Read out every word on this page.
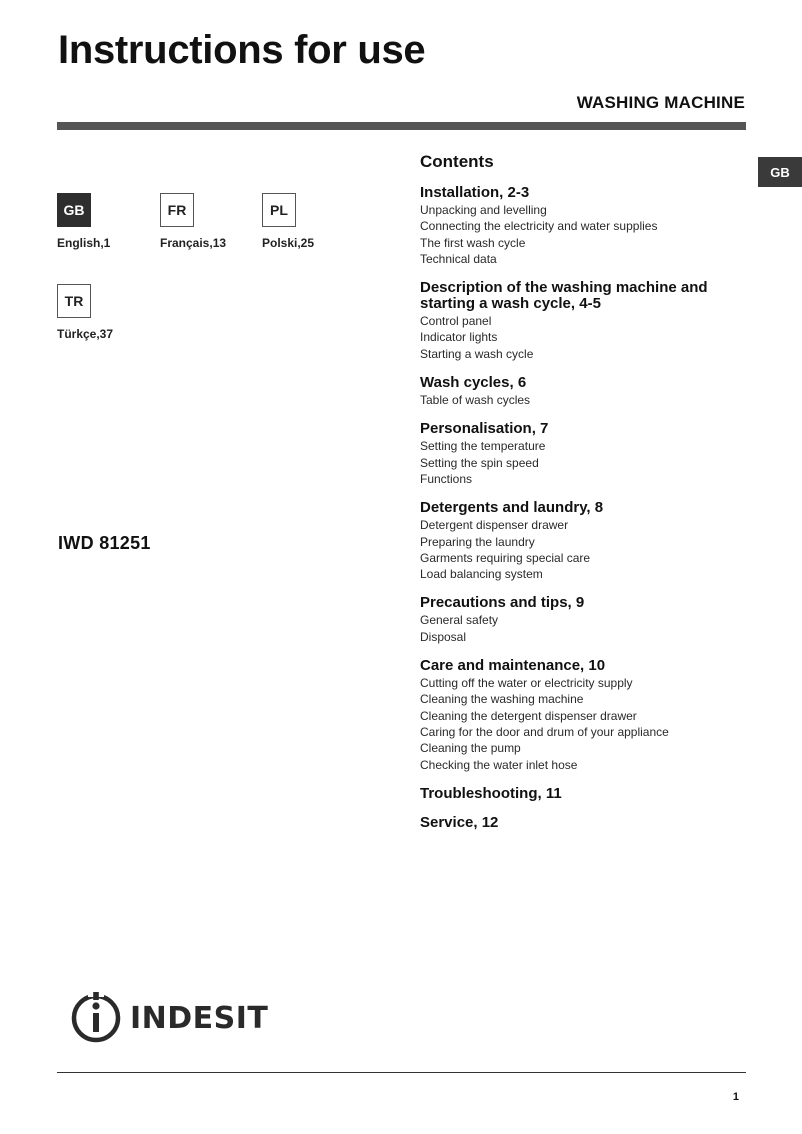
Instructions for use
WASHING MACHINE
GB
GB
English,1
FR
Français,13
PL
Polski,25
TR
Türkçe,37
IWD 81251
Contents
Installation, 2-3
Unpacking and levelling
Connecting the electricity and water supplies
The first wash cycle
Technical data
Description of the washing machine and starting a wash cycle, 4-5
Control panel
Indicator lights
Starting a wash cycle
Wash cycles, 6
Table of wash cycles
Personalisation, 7
Setting the temperature
Setting the spin speed
Functions
Detergents and laundry, 8
Detergent dispenser drawer
Preparing the laundry
Garments requiring special care
Load balancing system
Precautions and tips, 9
General safety
Disposal
Care and maintenance, 10
Cutting off the water or electricity supply
Cleaning the washing machine
Cleaning the detergent dispenser drawer
Caring for the door and drum of your appliance
Cleaning the pump
Checking the water inlet hose
Troubleshooting, 11
Service, 12
INDESIT
1
